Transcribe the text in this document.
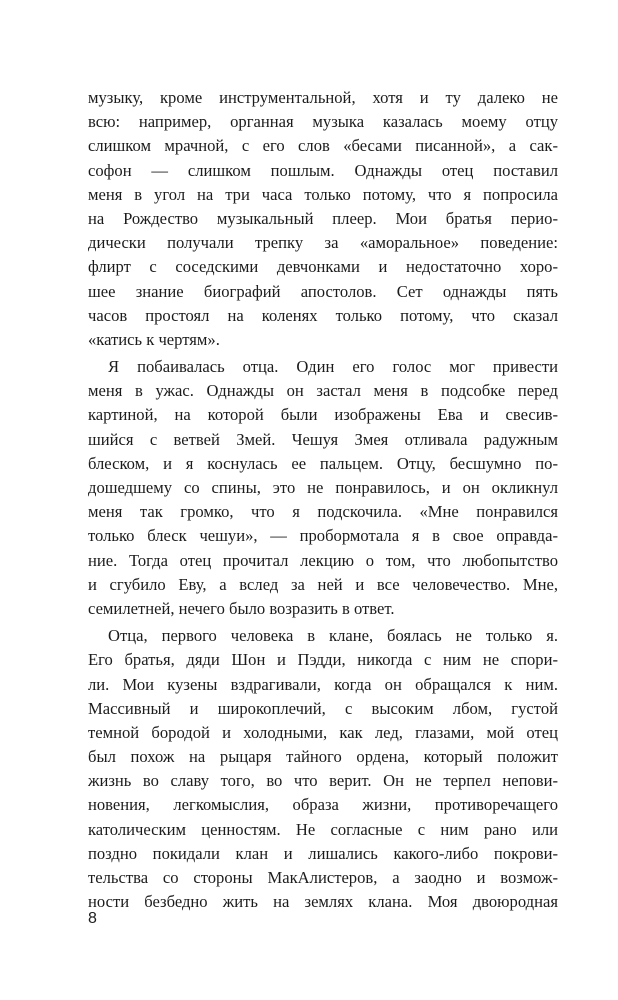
музыку, кроме инструментальной, хотя и ту далеко не
всю: например, органная музыка казалась моему отцу
слишком мрачной, с его слов «бесами писанной», а сак-
софон — слишком пошлым. Однажды отец поставил
меня в угол на три часа только потому, что я попросила
на Рождество музыкальный плеер. Мои братья перио-
дически получали трепку за «аморальное» поведение:
флирт с соседскими девчонками и недостаточно хоро-
шее знание биографий апостолов. Сет однажды пять
часов простоял на коленях только потому, что сказал
«катись к чертям».
Я побаивалась отца. Один его голос мог привести
меня в ужас. Однажды он застал меня в подсобке перед
картиной, на которой были изображены Ева и свесив-
шийся с ветвей Змей. Чешуя Змея отливала радужным
блеском, и я коснулась ее пальцем. Отцу, бесшумно по-
дошедшему со спины, это не понравилось, и он окликнул
меня так громко, что я подскочила. «Мне понравился
только блеск чешуи», — пробормотала я в свое оправда-
ние. Тогда отец прочитал лекцию о том, что любопытство
и сгубило Еву, а вслед за ней и все человечество. Мне,
семилетней, нечего было возразить в ответ.
Отца, первого человека в клане, боялась не только я.
Его братья, дяди Шон и Пэдди, никогда с ним не спори-
ли. Мои кузены вздрагивали, когда он обращался к ним.
Массивный и широкоплечий, с высоким лбом, густой
темной бородой и холодными, как лед, глазами, мой отец
был похож на рыцаря тайного ордена, который положит
жизнь во славу того, во что верит. Он не терпел непови-
новения, легкомыслия, образа жизни, противоречащего
католическим ценностям. Не согласные с ним рано или
поздно покидали клан и лишались какого-либо покрови-
тельства со стороны МакАлистеров, а заодно и возмож-
ности безбедно жить на землях клана. Моя двоюродная
8
